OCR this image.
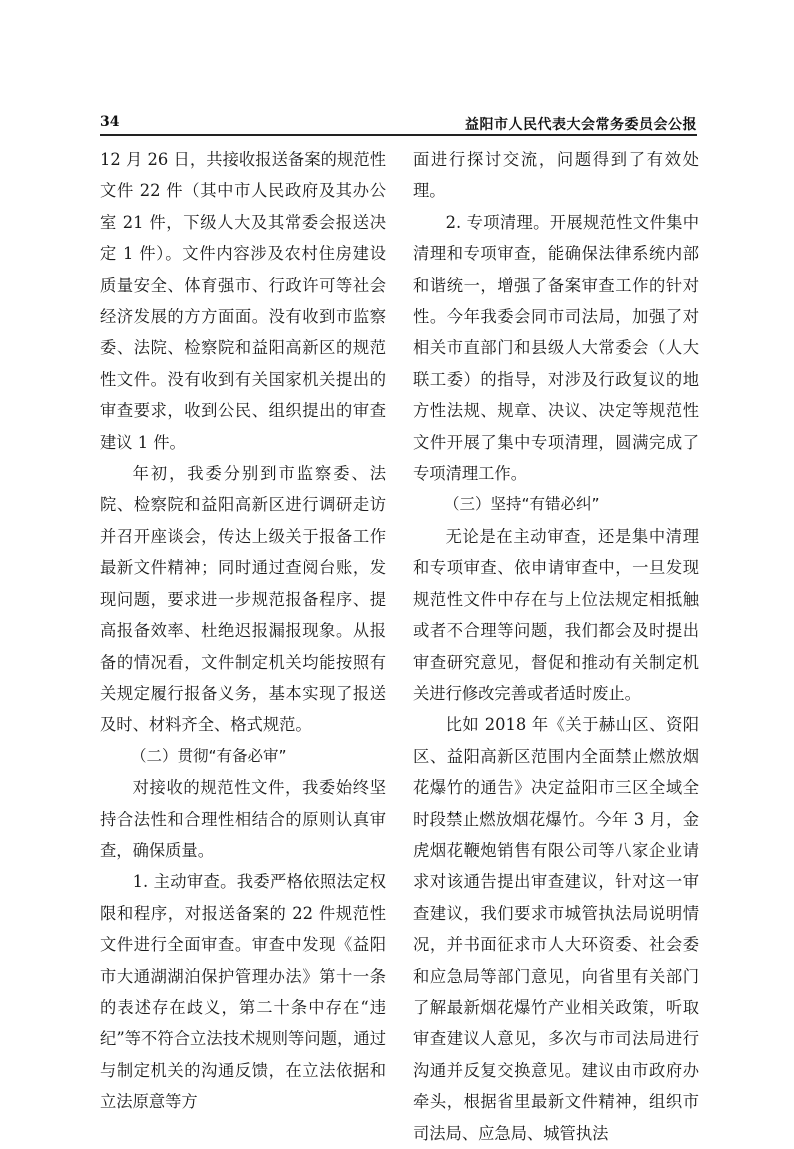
34	益阳市人民代表大会常务委员会公报

12 月 26 日，共接收报送备案的规范性文件 22 件（其中市人民政府及其办公室 21 件，下级人大及其常委会报送决定 1 件）。文件内容涉及农村住房建设质量安全、体育强市、行政许可等社会经济发展的方方面面。没有收到市监察委、法院、检察院和益阳高新区的规范性文件。没有收到有关国家机关提出的审查要求，收到公民、组织提出的审查建议 1 件。

年初，我委分别到市监察委、法院、检察院和益阳高新区进行调研走访并召开座谈会，传达上级关于报备工作最新文件精神；同时通过查阅台账，发现问题，要求进一步规范报备程序、提高报备效率、杜绝迟报漏报现象。从报备的情况看，文件制定机关均能按照有关规定履行报备义务，基本实现了报送及时、材料齐全、格式规范。

（二）贯彻“有备必审”

对接收的规范性文件，我委始终坚持合法性和合理性相结合的原则认真审查，确保质量。

1. 主动审查。我委严格依照法定权限和程序，对报送备案的 22 件规范性文件进行全面审查。审查中发现《益阳市大通湖湖泊保护管理办法》第十一条的表述存在歧义，第二十条中存在“违纪”等不符合立法技术规则等问题，通过与制定机关的沟通反馈，在立法依据和立法原意等方

面进行探讨交流，问题得到了有效处理。

2. 专项清理。开展规范性文件集中清理和专项审查，能确保法律系统内部和谐统一，增强了备案审查工作的针对性。今年我委会同市司法局，加强了对相关市直部门和县级人大常委会（人大联工委）的指导，对涉及行政复议的地方性法规、规章、决议、决定等规范性文件开展了集中专项清理，圆满完成了专项清理工作。

（三）坚持“有错必纠”

无论是在主动审查，还是集中清理和专项审查、依申请审查中，一旦发现规范性文件中存在与上位法规定相抵触或者不合理等问题，我们都会及时提出审查研究意见，督促和推动有关制定机关进行修改完善或者适时废止。

比如 2018 年《关于赫山区、资阳区、益阳高新区范围内全面禁止燃放烟花爆竹的通告》决定益阳市三区全域全时段禁止燃放烟花爆竹。今年 3 月，金虎烟花鞭炮销售有限公司等八家企业请求对该通告提出审查建议，针对这一审查建议，我们要求市城管执法局说明情况，并书面征求市人大环资委、社会委和应急局等部门意见，向省里有关部门了解最新烟花爆竹产业相关政策，听取审查建议人意见，多次与市司法局进行沟通并反复交换意见。建议由市政府办牵头，根据省里最新文件精神，组织市司法局、应急局、城管执法
